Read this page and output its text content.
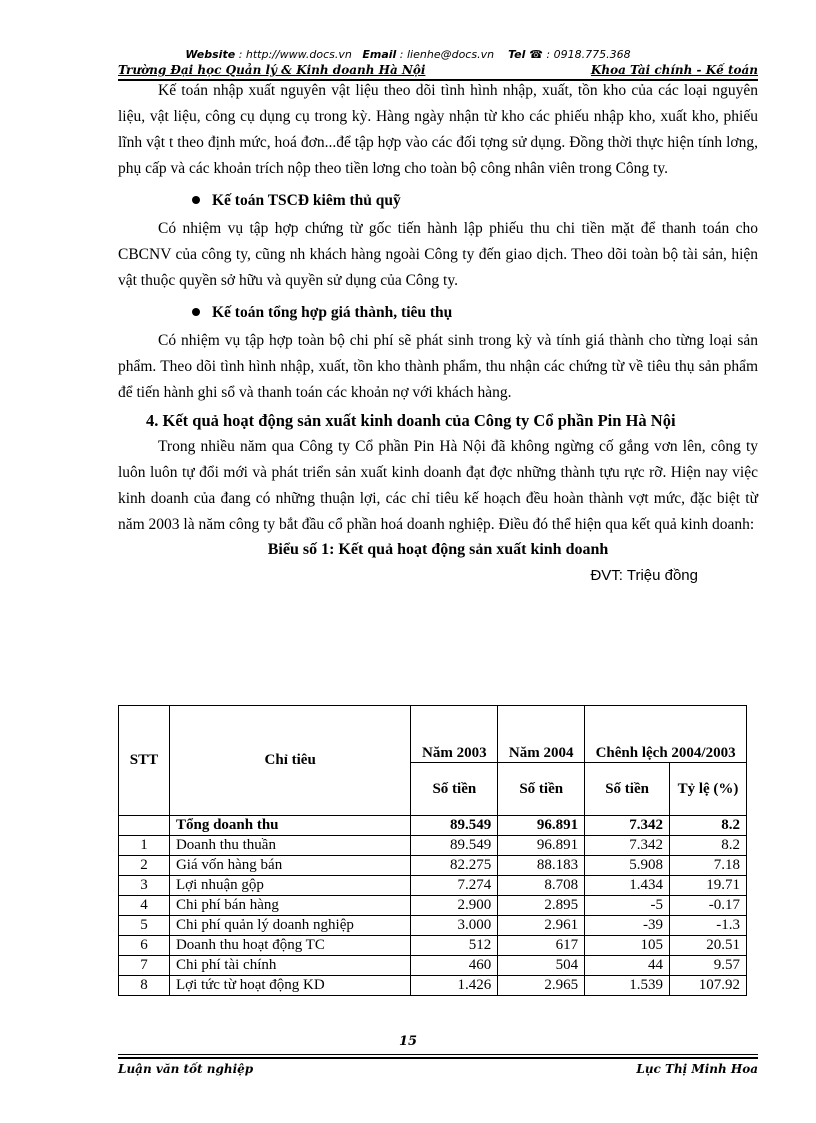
Website : http://www.docs.vn Email : lienhe@docs.vn Tel ☎ : 0918.775.368
Trường Đại học Quản lý & Kinh doanh Hà Nội	Khoa Tài chính - Kế toán

Kế toán nhập xuất nguyên vật liệu theo dõi tình hình nhập, xuất, tồn kho của các loại nguyên liệu, vật liệu, công cụ dụng cụ trong kỳ. Hàng ngày nhận từ kho các phiếu nhập kho, xuất kho, phiếu lĩnh vật t theo định mức, hoá đơn...để tập hợp vào các đối tợng sử dụng. Đồng thời thực hiện tính lơng, phụ cấp và các khoản trích nộp theo tiền lơng cho toàn bộ công nhân viên trong Công ty.

Kế toán TSCĐ kiêm thủ quỹ

Có nhiệm vụ tập hợp chứng từ gốc tiến hành lập phiếu thu chi tiền mặt để thanh toán cho CBCNV của công ty, cũng nh khách hàng ngoài Công ty đến giao dịch. Theo dõi toàn bộ tài sản, hiện vật thuộc quyền sở hữu và quyền sử dụng của Công ty.

Kế toán tổng hợp giá thành, tiêu thụ

Có nhiệm vụ tập hợp toàn bộ chi phí sẽ phát sinh trong kỳ và tính giá thành cho từng loại sản phẩm. Theo dõi tình hình nhập, xuất, tồn kho thành phẩm, thu nhận các chứng từ về tiêu thụ sản phẩm để tiến hành ghi sổ và thanh toán các khoản nợ với khách hàng.

4. Kết quả hoạt động sản xuất kinh doanh của Công ty Cổ phần Pin Hà Nội

Trong nhiều năm qua Công ty Cổ phần Pin Hà Nội đã không ngừng cố gắng vơn lên, công ty luôn luôn tự đổi mới và phát triển sản xuất kinh doanh đạt đợc những thành tựu rực rỡ. Hiện nay việc kinh doanh của đang có những thuận lợi, các chỉ tiêu kế hoạch đều hoàn thành vợt mức, đặc biệt từ năm 2003 là năm công ty bắt đầu cổ phần hoá doanh nghiệp. Điều đó thể hiện qua kết quả kinh doanh:

Biểu số 1: Kết quả hoạt động sản xuất kinh doanh

ĐVT: Triệu đồng

STT	Chỉ tiêu	Năm 2003	Năm 2004	Chênh lệch 2004/2003	
		Số tiền	Số tiền	Số tiền	Tỷ lệ (%)
	Tổng doanh thu	89.549	96.891	7.342	8.2
1	Doanh thu thuần	89.549	96.891	7.342	8.2
2	Giá vốn hàng bán	82.275	88.183	5.908	7.18
3	Lợi nhuận gộp	7.274	8.708	1.434	19.71
4	Chi phí bán hàng	2.900	2.895	-5	-0.17
5	Chi phí quản lý doanh nghiệp	3.000	2.961	-39	-1.3
6	Doanh thu hoạt động TC	512	617	105	20.51
7	Chi phí tài chính	460	504	44	9.57
8	Lợi tức từ hoạt động KD	1.426	2.965	1.539	107.92
15
Luận văn tốt nghiệp	Lục Thị Minh Hoa
